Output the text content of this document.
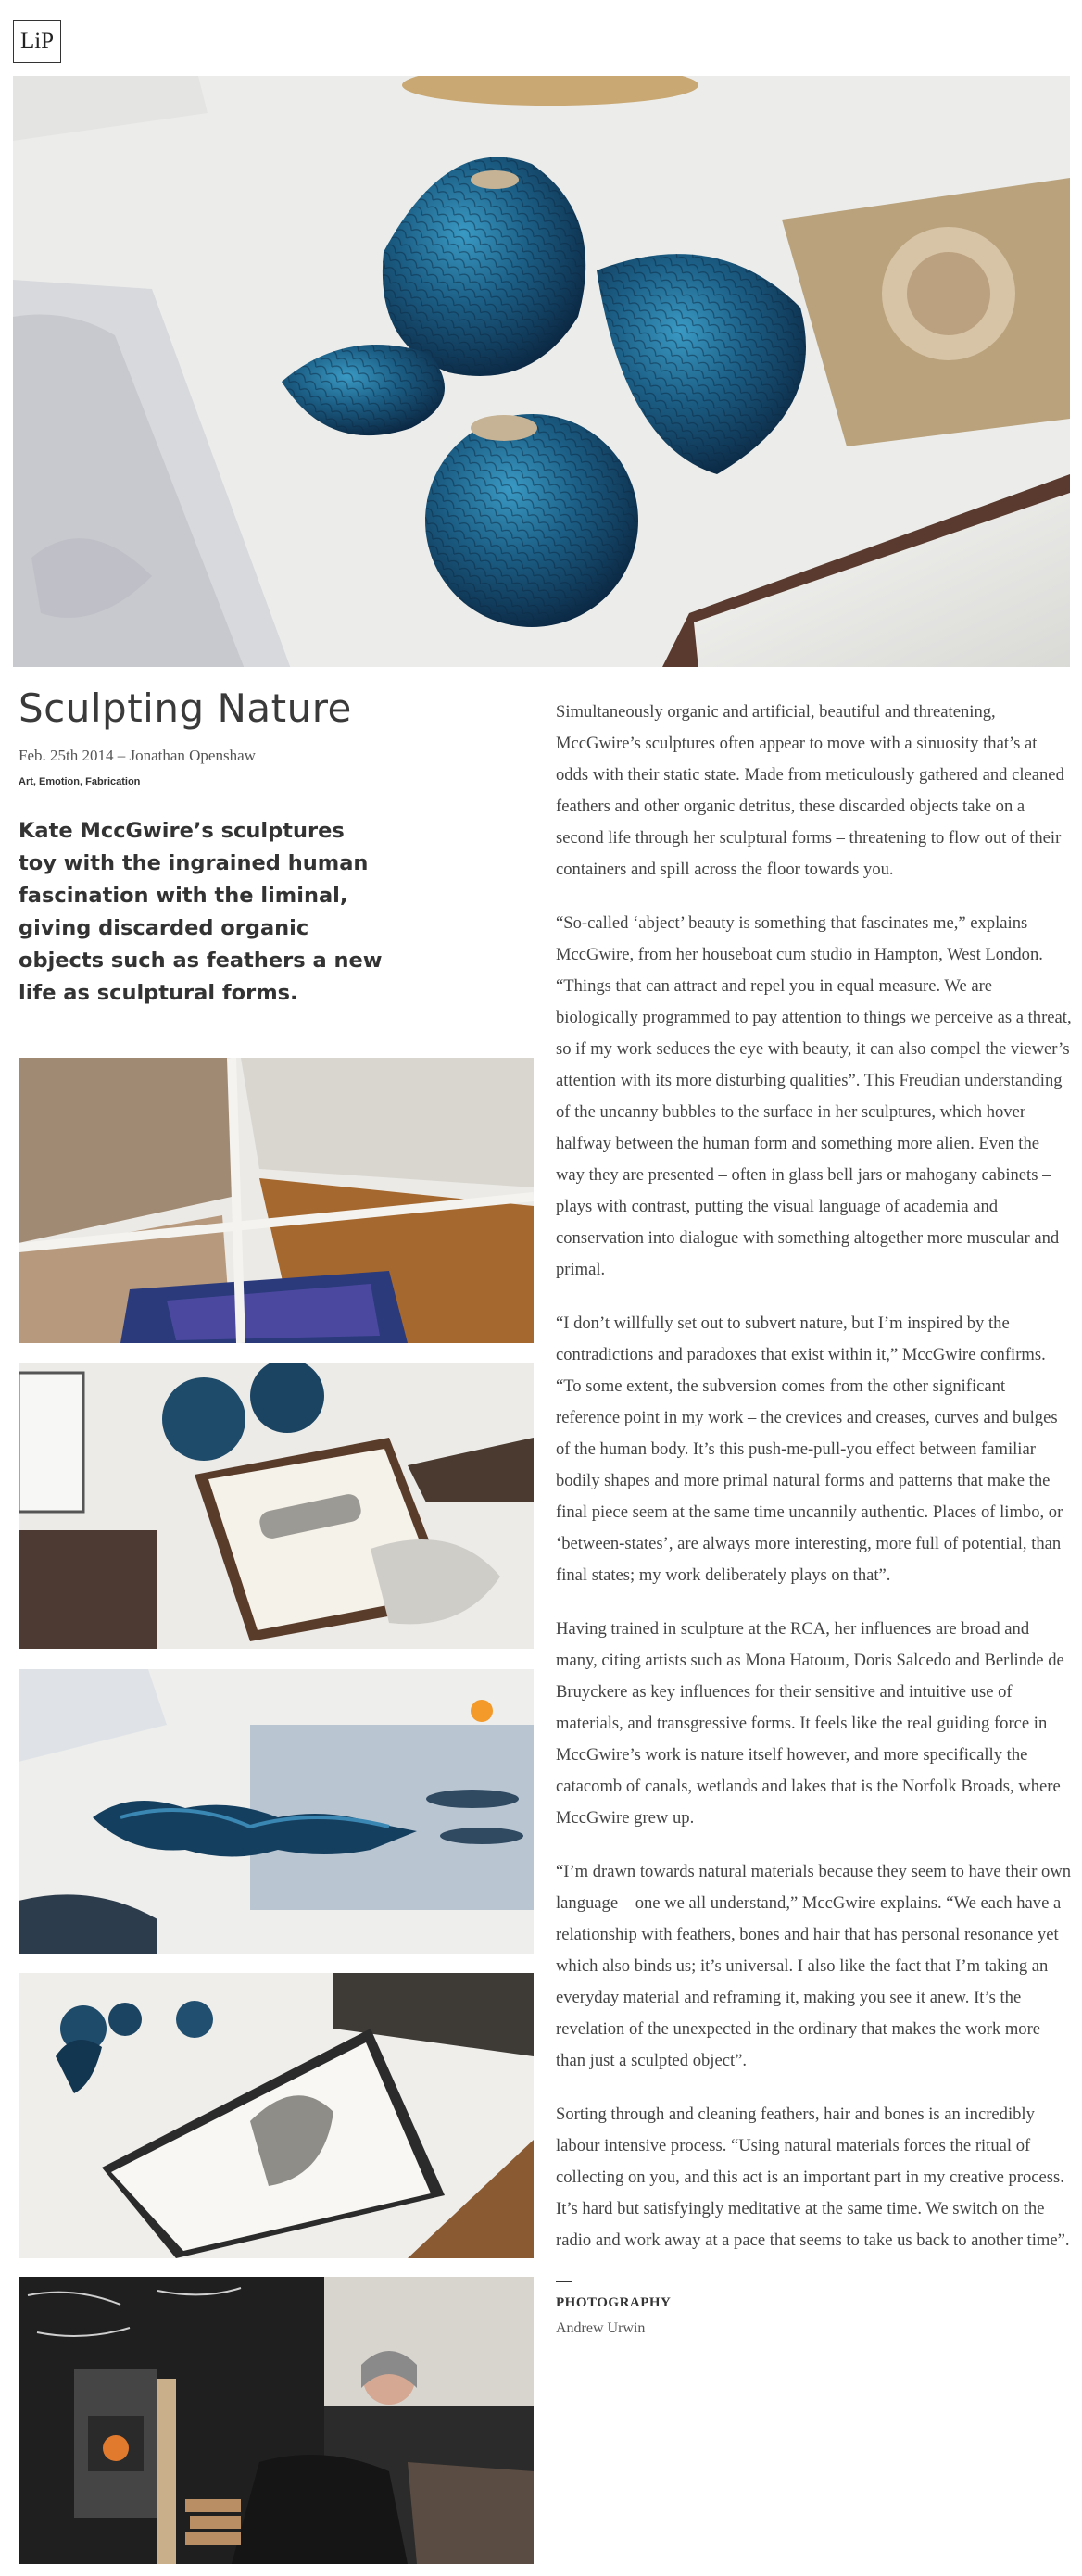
LiP
Sculpting Nature
Feb. 25th 2014 – Jonathan Openshaw
Art, Emotion, Fabrication
Kate MccGwire’s sculptures toy with the ingrained human fascination with the liminal, giving discarded organic objects such as feathers a new life as sculptural forms.

Simultaneously organic and artificial, beautiful and threatening, MccGwire’s sculptures often appear to move with a sinuosity that’s at odds with their static state. Made from meticulously gathered and cleaned feathers and other organic detritus, these discarded objects take on a second life through her sculptural forms – threatening to flow out of their containers and spill across the floor towards you.

“So-called ‘abject’ beauty is something that fascinates me,” explains MccGwire, from her houseboat cum studio in Hampton, West London. “Things that can attract and repel you in equal measure. We are biologically programmed to pay attention to things we perceive as a threat, so if my work seduces the eye with beauty, it can also compel the viewer’s attention with its more disturbing qualities”. This Freudian understanding of the uncanny bubbles to the surface in her sculptures, which hover halfway between the human form and something more alien. Even the way they are presented – often in glass bell jars or mahogany cabinets – plays with contrast, putting the visual language of academia and conservation into dialogue with something altogether more muscular and primal.

“I don’t willfully set out to subvert nature, but I’m inspired by the contradictions and paradoxes that exist within it,” MccGwire confirms. “To some extent, the subversion comes from the other significant reference point in my work – the crevices and creases, curves and bulges of the human body. It’s this push-me-pull-you effect between familiar bodily shapes and more primal natural forms and patterns that make the final piece seem at the same time uncannily authentic. Places of limbo, or ‘between-states’, are always more interesting, more full of potential, than final states; my work deliberately plays on that”.

Having trained in sculpture at the RCA, her influences are broad and many, citing artists such as Mona Hatoum, Doris Salcedo and Berlinde de Bruyckere as key influences for their sensitive and intuitive use of materials, and transgressive forms. It feels like the real guiding force in MccGwire’s work is nature itself however, and more specifically the catacomb of canals, wetlands and lakes that is the Norfolk Broads, where MccGwire grew up.

“I’m drawn towards natural materials because they seem to have their own language – one we all understand,” MccGwire explains. “We each have a relationship with feathers, bones and hair that has personal resonance yet which also binds us; it’s universal. I also like the fact that I’m taking an everyday material and reframing it, making you see it anew. It’s the revelation of the unexpected in the ordinary that makes the work more than just a sculpted object”.

Sorting through and cleaning feathers, hair and bones is an incredibly labour intensive process. “Using natural materials forces the ritual of collecting on you, and this act is an important part in my creative process. It’s hard but satisfyingly meditative at the same time. We switch on the radio and work away at a pace that seems to take us back to another time”.

PHOTOGRAPHY
Andrew Urwin
